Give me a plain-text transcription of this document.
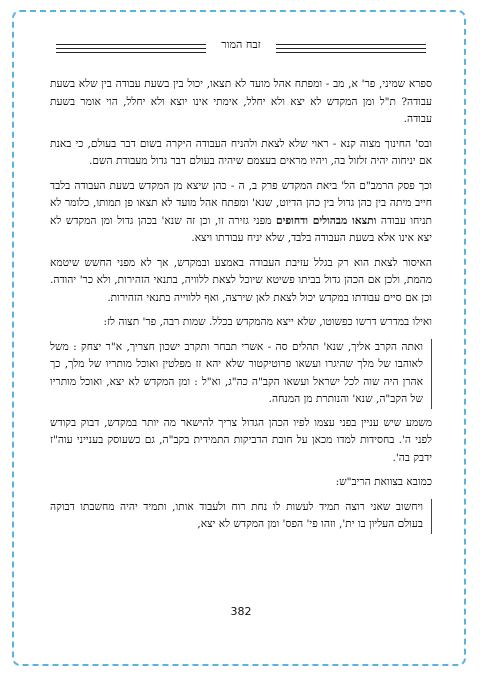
זבח המור

ספרא שמיני, פר' א, מב - ומפתח אהל מועד לא תצאו, יכול בין בשעת עבודה בין שלא בשעת עבודה? ת"ל ומן המקדש לא יצא ולא יחלל, אימתי אינו יוצא ולא יחלל, הוי אומר בשעת עבודה.

ובס' החינוך מצוה קנא - ראוי שלא לצאת ולהניח העבודה היקרה בשום דבר בעולם, כי באנת אם יניחוה יהיה זלזול בה, ויהיו מראים בעצמם שיהיה בעולם דבר גדול מעבודת השם.

וכך פסק הרמב"ם הל' ביאת המקדש פרק ב, ה - כהן שיצא מן המקדש בשעת העבודה בלבד חייב מיתה בין כהן גדול בין כהן הדיוט, שנא' ומפתח אהל מועד לא תצאו פן תמותו, כלומר לא תניחו עבודה ותצאו מבהולים ודחופים מפני גזירה זו, וכן זה שנא' בכהן גדול ומן המקדש לא יצא אינו אלא בשעת העבודה בלבד, שלא יניח עבודתו ויצא.

האיסור לצאת הוא רק בגלל עזיבת העבודה באמצע ובמקדש, אך לא מפני החשש שיטמא מהמת, ולכן אם הכהן גדול בביתו פשיטא שיוכל לצאת ללוויה, בתנאי הזהירות, ולא כר' יהודה. וכן אם סיים עבודתו במקדש יכול לצאת לאן שירצה, ואף ללווייה בתנאי הזהירות.

ואילו במדרש דרשו כפשוטו, שלא ייצא מהמקדש בכלל. שמות רבה, פר' תצוה לז:

ואתה הקרב אליך, שנא' תהלים סה - אשרי תבחר ותקרב ישכון חצריך, א"ר יצחק : משל לאוהבו של מלך שהיגרו ועשאו פרוטיקטור שלא יהא זז מפלטין ואוכל מותריו של מלך, כך אהרן היה שוה לכל ישראל ועשאו הקב"ה כה"ג, וא"ל : ומן המקדש לא יצא, ואוכל מותריו של הקב"ה, שנא' והנותרת מן המנחה.

משמע שיש עניין בפני עצמו לפיו הכהן הגדול צריך להישאר מה יותר במקדש, דבוק בקודש לפני ה'. בחסידות למדו מכאן על חובת הדביקות התמידית בקב"ה, גם כשעוסק בענייני עוה"ז ידבק בה'.

כמובא בצוואת הריב"ש:

ויחשוב שאני רוצה תמיד לעשות לו נחת רוח ולעבוד אותו, ותמיד יהיה מחשבתו דבוקה בעולם העליון בו ית', וזהו פי' הפס' ומן המקדש לא יצא,

382
